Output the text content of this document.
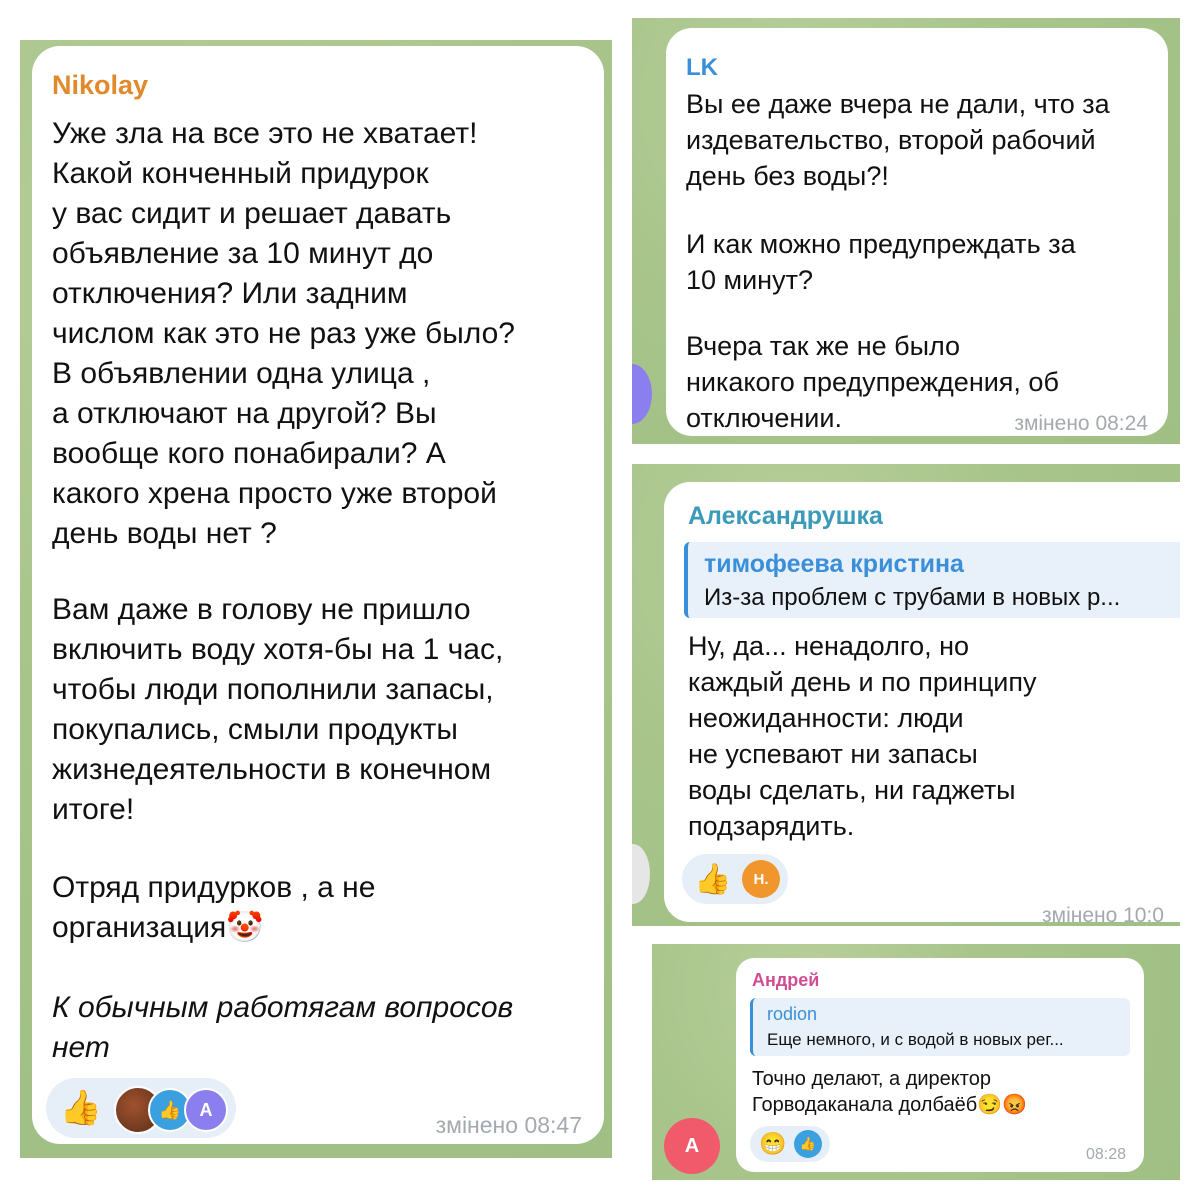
Nikolay
Уже зла на все это не хватает!
Какой конченный придурок
у вас сидит и решает давать
объявление за 10 минут до
отключения? Или задним
числом как это не раз уже было?
В объявлении одна улица ,
а отключают на другой? Вы
вообще кого понабирали? А
какого хрена просто уже второй
день воды нет ?
Вам даже в голову не пришло
включить воду хотя-бы на 1 час,
чтобы люди пополнили запасы,
покупались, смыли продукты
жизнедеятельности в конечном
итоге!
Отряд придурков , а не
организация🤡
К обычным работягам вопросов
нет
👍	👍	А
змінено 08:47
LK
Вы ее даже вчера не дали, что за
издевательство, второй рабочий
день без воды?!
И как можно предупреждать за
10 минут?
Вчера так же не было
никакого предупреждения, об
отключении.	змінено 08:24
Александрушка
тимофеева кристина
Из-за проблем с трубами в новых р...
Ну, да... ненадолго, но
каждый день и по принципу
неожиданности: люди
не успевают ни запасы
воды сделать, ни гаджеты
подзарядить.
👍	Н.
змінено 10:0
А
Андрей
rodion
Еще немного, и с водой в новых рег...
Точно делают, а директор
Горводаканала долбаёб😏😡
😁	👍
08:28
